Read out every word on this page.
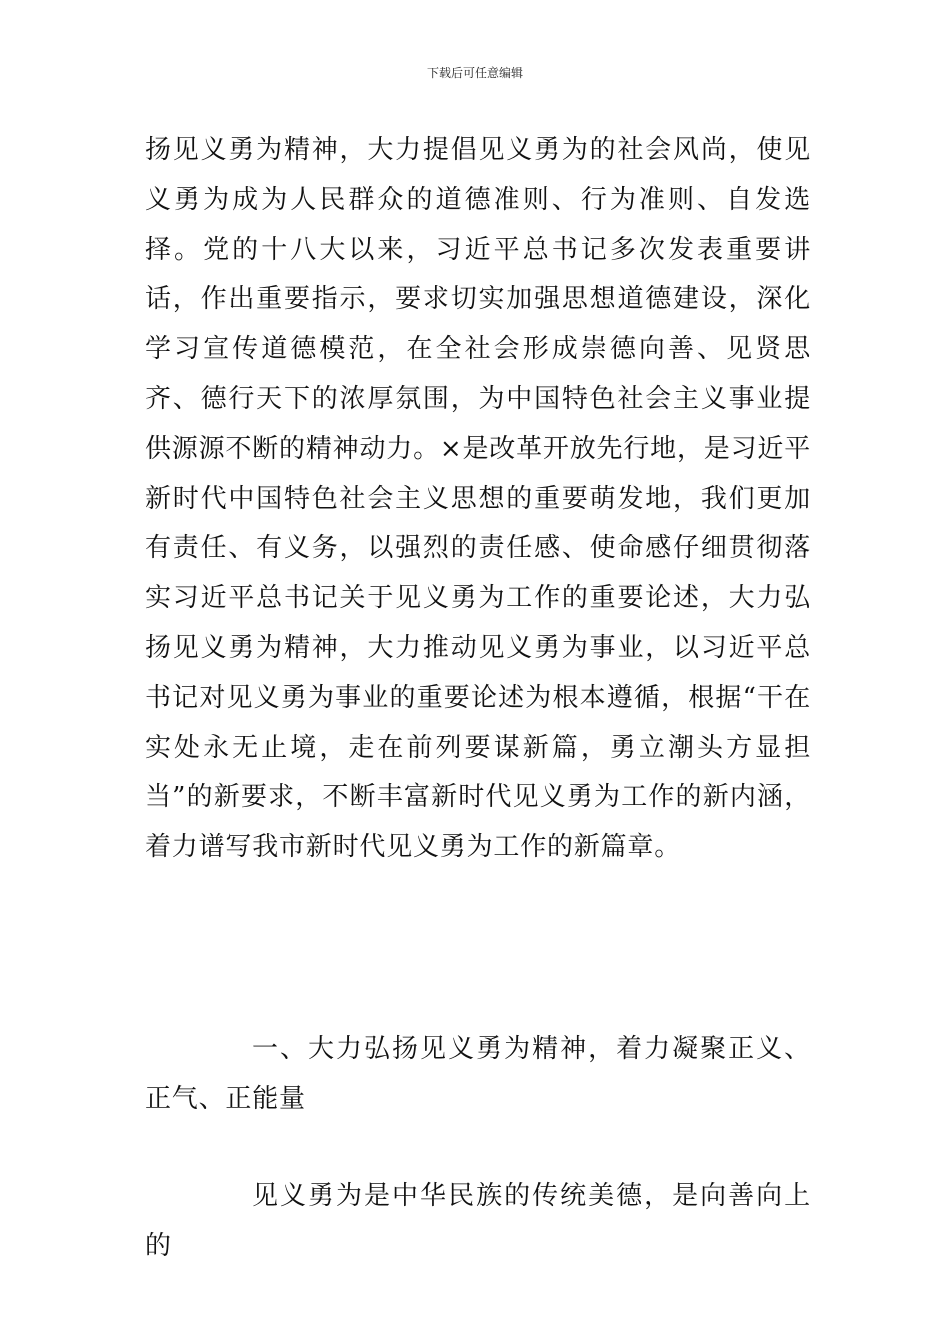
下载后可任意编辑

扬见义勇为精神，大力提倡见义勇为的社会风尚，使见义勇为成为人民群众的道德准则、行为准则、自发选择。党的十八大以来，习近平总书记多次发表重要讲话，作出重要指示，要求切实加强思想道德建设，深化学习宣传道德模范，在全社会形成崇德向善、见贤思齐、德行天下的浓厚氛围，为中国特色社会主义事业提供源源不断的精神动力。×是改革开放先行地，是习近平新时代中国特色社会主义思想的重要萌发地，我们更加有责任、有义务，以强烈的责任感、使命感仔细贯彻落实习近平总书记关于见义勇为工作的重要论述，大力弘扬见义勇为精神，大力推动见义勇为事业，以习近平总书记对见义勇为事业的重要论述为根本遵循，根据“干在实处永无止境，走在前列要谋新篇，勇立潮头方显担当”的新要求，不断丰富新时代见义勇为工作的新内涵，着力谱写我市新时代见义勇为工作的新篇章。

一、大力弘扬见义勇为精神，着力凝聚正义、正气、正能量

见义勇为是中华民族的传统美德，是向善向上的
